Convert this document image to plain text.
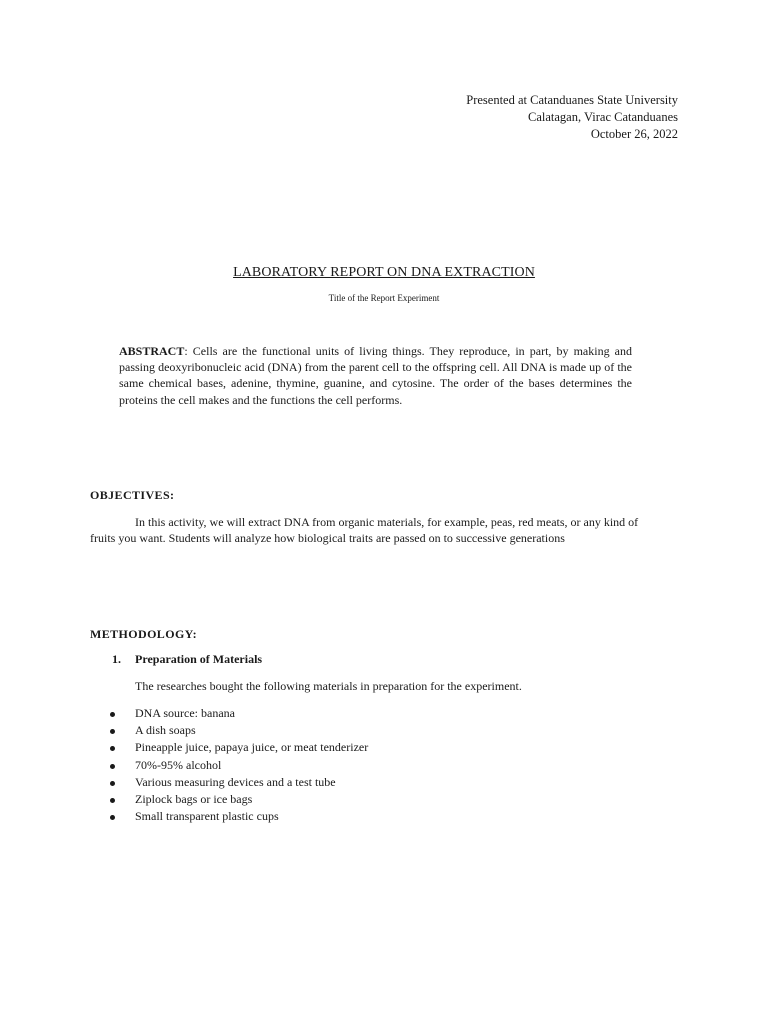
Presented at Catanduanes State University
Calatagan, Virac Catanduanes
October 26, 2022
LABORATORY REPORT ON DNA EXTRACTION
Title of the Report Experiment
ABSTRACT: Cells are the functional units of living things. They reproduce, in part, by making and passing deoxyribonucleic acid (DNA) from the parent cell to the offspring cell. All DNA is made up of the same chemical bases, adenine, thymine, guanine, and cytosine. The order of the bases determines the proteins the cell makes and the functions the cell performs.
OBJECTIVES:
In this activity, we will extract DNA from organic materials, for example, peas, red meats, or any kind of fruits you want. Students will analyze how biological traits are passed on to successive generations
METHODOLOGY:
1. Preparation of Materials
The researches bought the following materials in preparation for the experiment.
DNA source: banana
A dish soaps
Pineapple juice, papaya juice, or meat tenderizer
70%-95% alcohol
Various measuring devices and a test tube
Ziplock bags or ice bags
Small transparent plastic cups
